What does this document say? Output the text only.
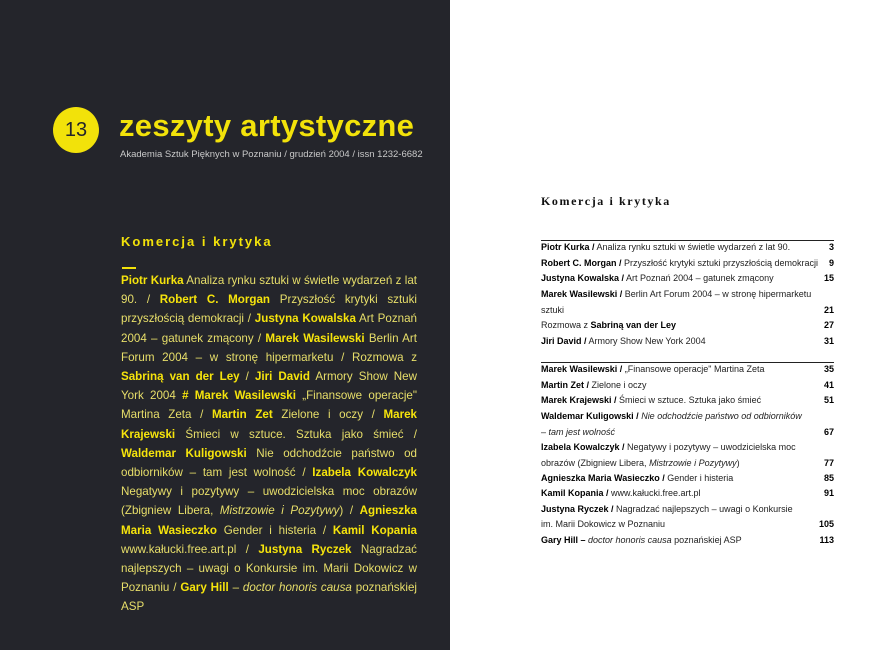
13	zeszyty artystyczne
Akademia Sztuk Pięknych w Poznaniu / grudzień 2004 / issn 1232-6682
Komercja i krytyka
Piotr Kurka Analiza rynku sztuki w świetle wydarzeń z lat 90. / Robert C. Morgan Przyszłość krytyki sztuki przyszłością demokracji / Justyna Kowalska Art Poznań 2004 – gatunek zmącony / Marek Wasilewski Berlin Art Forum 2004 – w stronę hipermarketu / Rozmowa z Sabriną van der Ley / Jiri David Armory Show New York 2004 # Marek Wasilewski „Finansowe operacje" Martina Zeta / Martin Zet Zielone i oczy / Marek Krajewski Śmieci w sztuce. Sztuka jako śmieć / Waldemar Kuligowski Nie odchodźcie państwo od odbiorników – tam jest wolność / Izabela Kowalczyk Negatywy i pozytywy – uwodzicielska moc obrazów (Zbigniew Libera, Mistrzowie i Pozytywy) / Agnieszka Maria Wasieczko Gender i histeria / Kamil Kopania www.kałucki.free.art.pl / Justyna Ryczek Nagradzać najlepszych – uwagi o Konkursie im. Marii Dokowicz w Poznaniu / Gary Hill – doctor honoris causa poznańskiej ASP
Komercja i krytyka
Piotr Kurka / Analiza rynku sztuki w świetle wydarzeń z lat 90.	3
Robert C. Morgan / Przyszłość krytyki sztuki przyszłością demokracji 9
Justyna Kowalska / Art Poznań 2004 – gatunek zmącony	15
Marek Wasilewski / Berlin Art Forum 2004 – w stronę hipermarketu
sztuki	21
Rozmowa z Sabriną van der Ley	27
Jiri David / Armory Show New York 2004	31
Marek Wasilewski / „Finansowe operacje" Martina Zeta	35
Martin Zet / Zielone i oczy	41
Marek Krajewski / Śmieci w sztuce. Sztuka jako śmieć	51
Waldemar Kuligowski / Nie odchodźcie państwo od odbiorników
– tam jest wolność	67
Izabela Kowalczyk / Negatywy i pozytywy – uwodzicielska moc
obrazów (Zbigniew Libera, Mistrzowie i Pozytywy)	77
Agnieszka Maria Wasieczko / Gender i histeria	85
Kamil Kopania / www.kałucki.free.art.pl	91
Justyna Ryczek / Nagradzać najlepszych – uwagi o Konkursie
im. Marii Dokowicz w Poznaniu	105
Gary Hill – doctor honoris causa poznańskiej ASP	113
